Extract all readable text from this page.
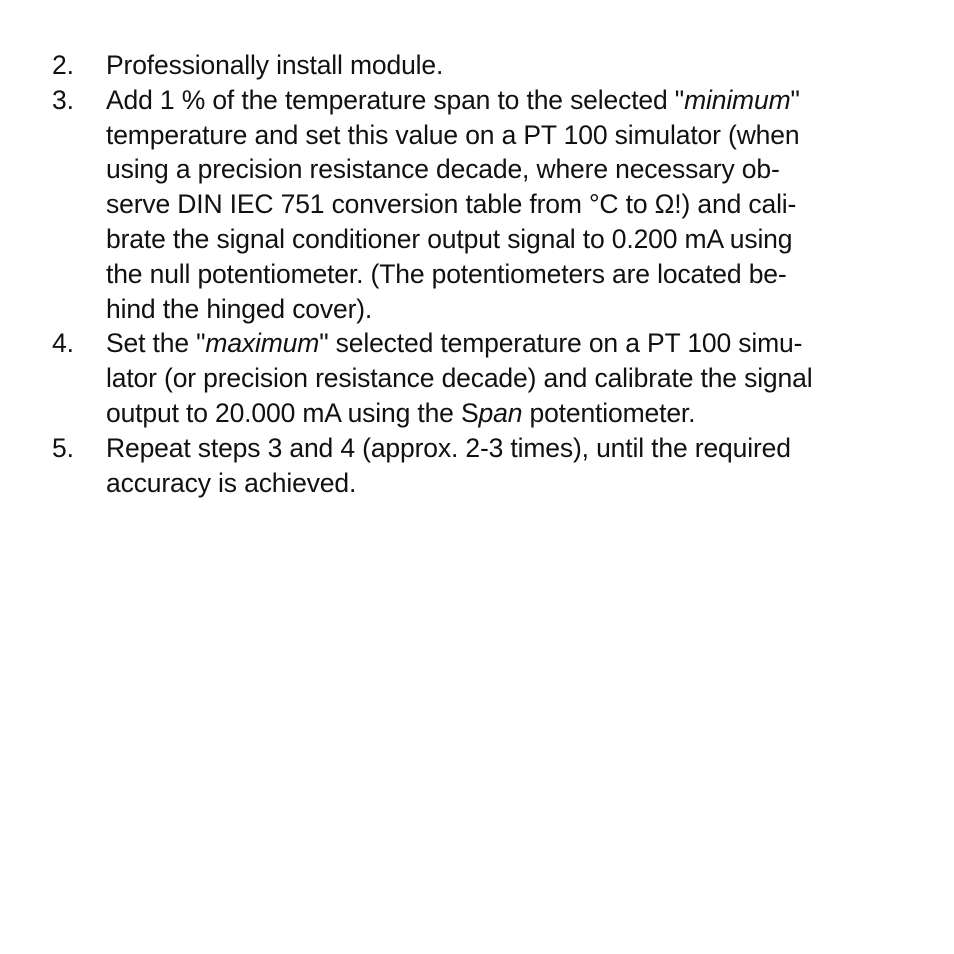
2. Professionally install module.
3. Add 1 % of the temperature span to the selected "minimum"
temperature and set this value on a PT 100 simulator (when
using a precision resistance decade, where necessary ob-
serve DIN IEC 751 conversion table from °C to Ω!) and cali-
brate the signal conditioner output signal to 0.200 mA using
the null potentiometer. (The potentiometers are located be-
hind the hinged cover).
4. Set the "maximum" selected temperature on a PT 100 simu-
lator (or precision resistance decade) and calibrate the signal
output to 20.000 mA using the Span potentiometer.
5. Repeat steps 3 and 4 (approx. 2-3 times), until the required
accuracy is achieved.
